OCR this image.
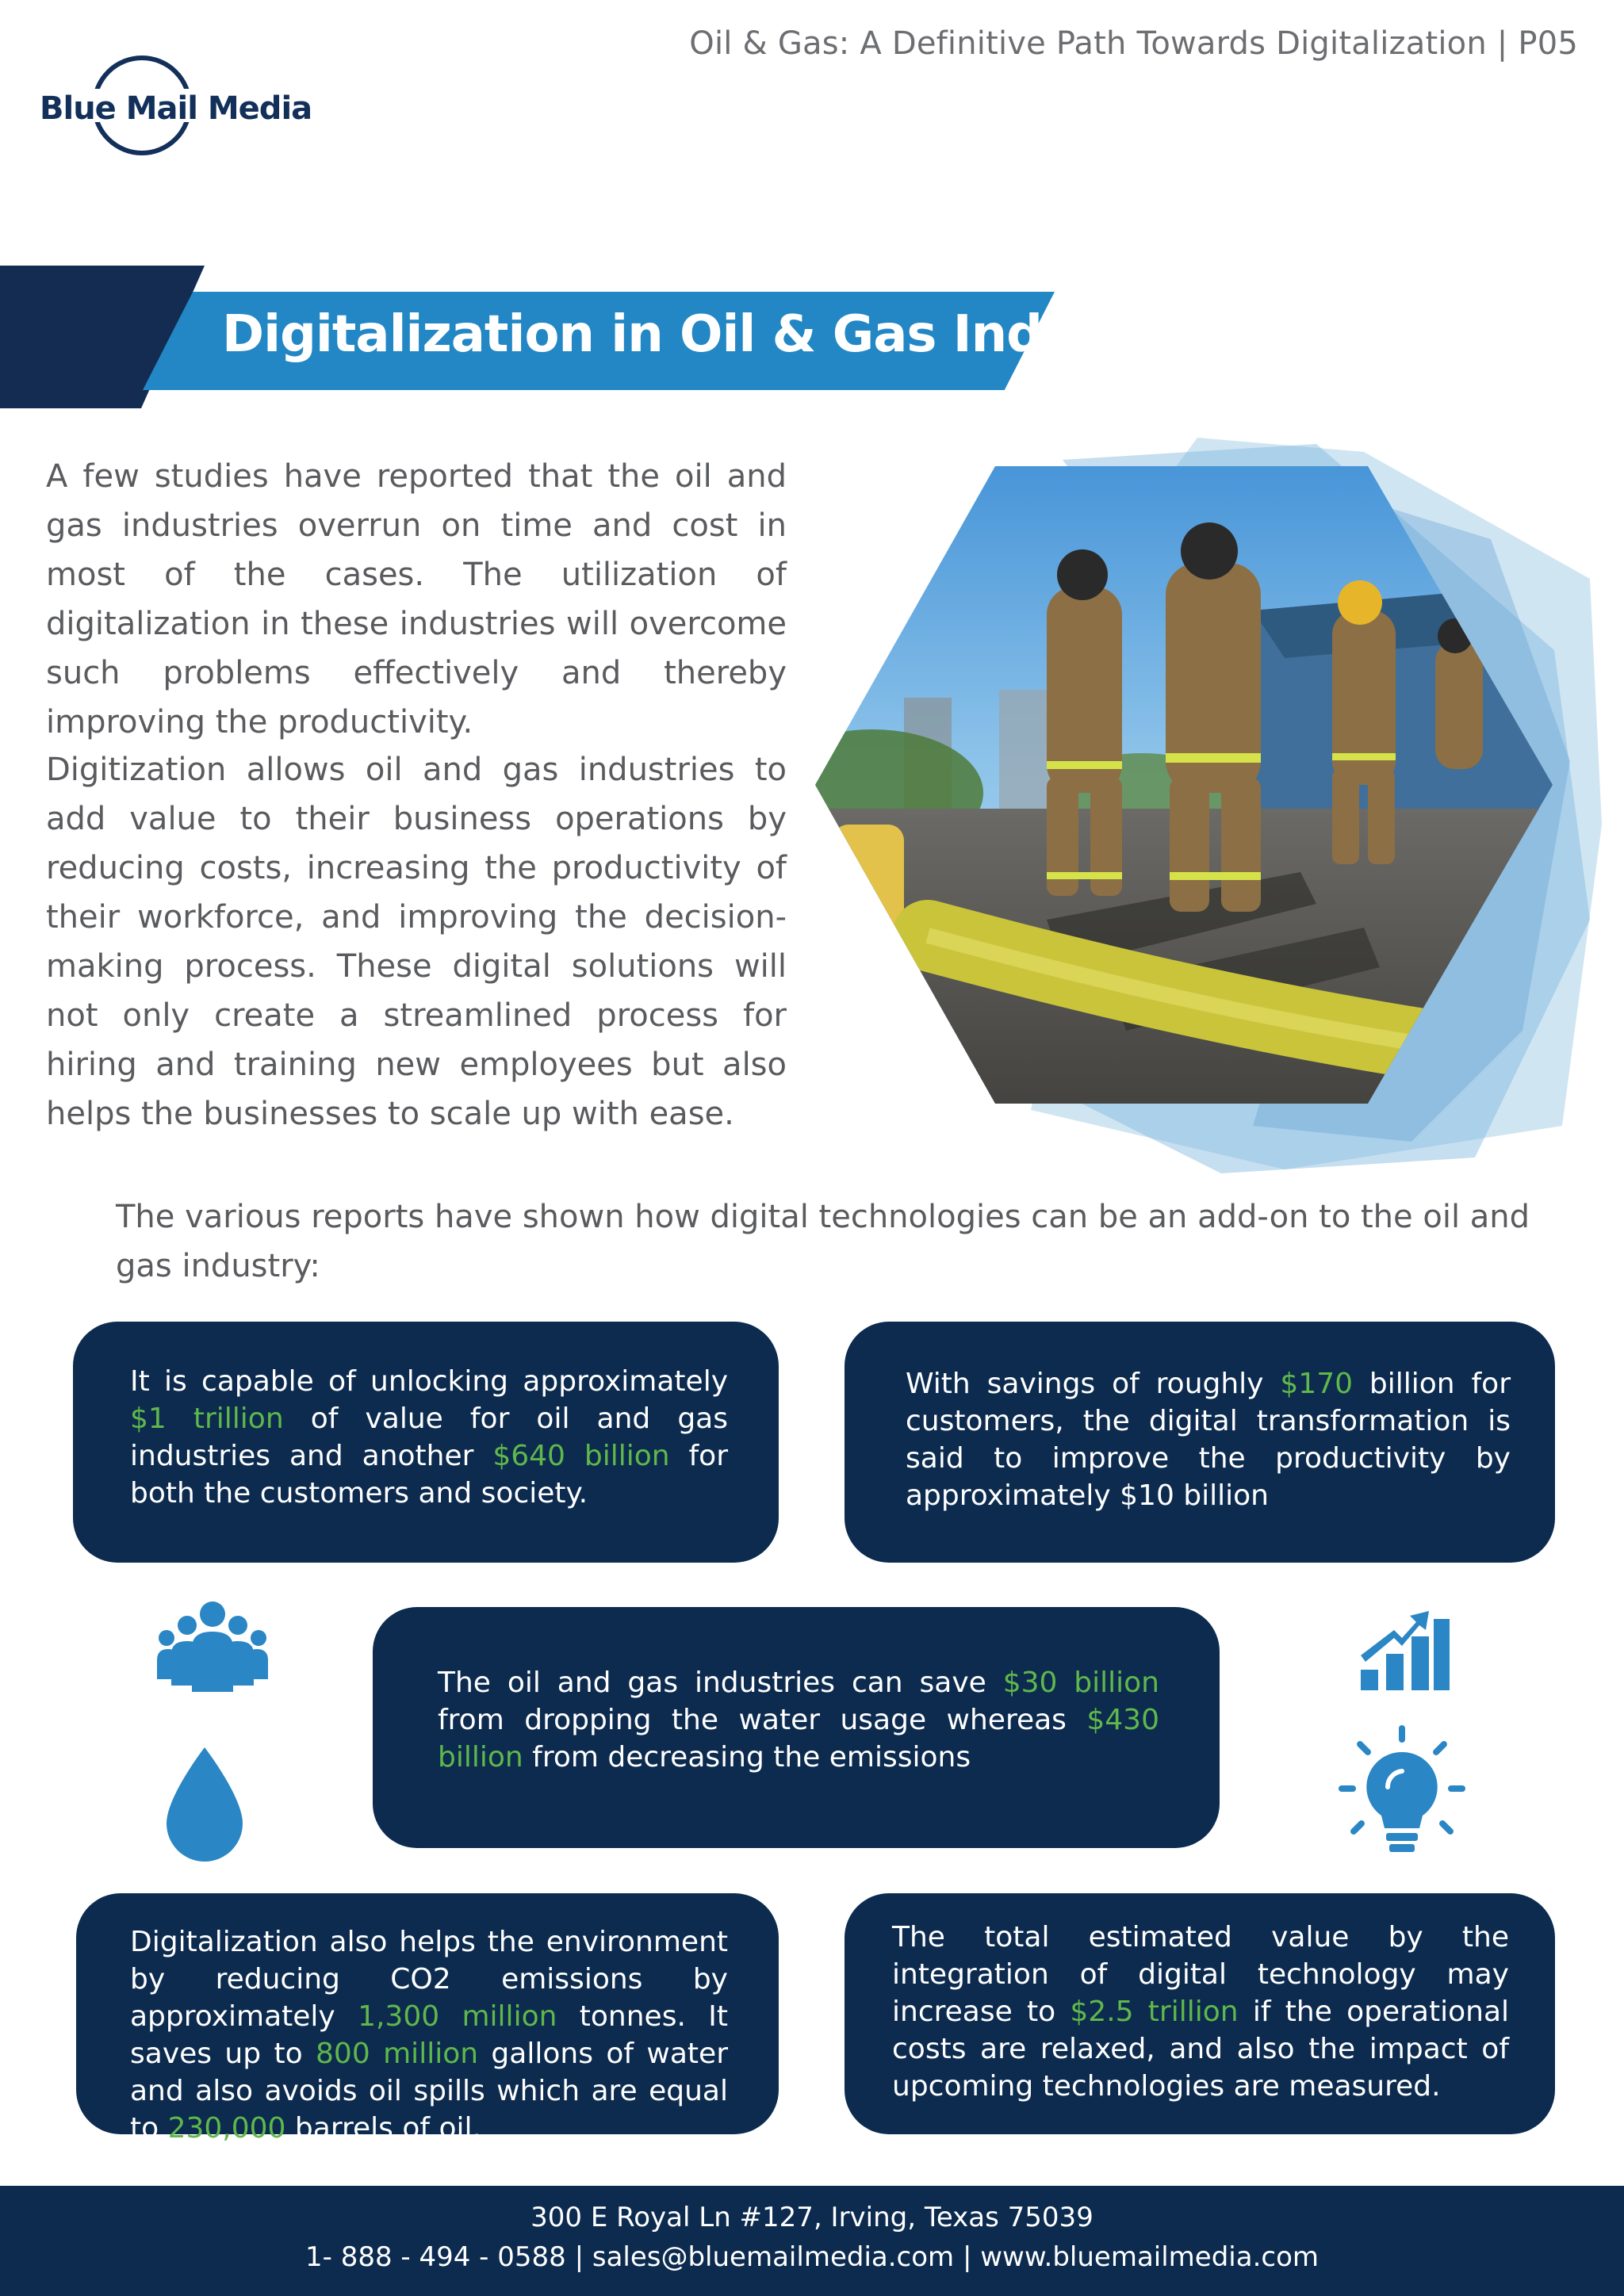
Oil & Gas: A Definitive Path Towards Digitalization | P05
Blue Mail Media
Digitalization in Oil & Gas Industry
A few studies have reported that the oil and gas industries overrun on time and cost in most of the cases. The utilization of digitalization in these industries will overcome such problems effectively and thereby improving the productivity.
Digitization allows oil and gas industries to add value to their business operations by reducing costs, increasing the productivity of their workforce, and improving the decision-making process. These digital solutions will not only create a streamlined process for hiring and training new employees but also helps the businesses to scale up with ease.
The various reports have shown how digital technologies can be an add-on to the oil and gas industry:

It is capable of unlocking approximately $1 trillion of value for oil and gas industries and another $640 billion for both the customers and society.

With savings of roughly $170 billion for customers, the digital transformation is said to improve the productivity by approximately $10 billion

The oil and gas industries can save $30 billion from dropping the water usage whereas $430 billion from decreasing the emissions

Digitalization also helps the environment by reducing CO2 emissions by approximately 1,300 million tonnes. It saves up to 800 million gallons of water and also avoids oil spills which are equal to 230,000 barrels of oil.

The total estimated value by the integration of digital technology may increase to $2.5 trillion if the operational costs are relaxed, and also the impact of upcoming technologies are measured.

300 E Royal Ln #127, Irving, Texas 75039
1- 888 - 494 - 0588 | sales@bluemailmedia.com | www.bluemailmedia.com
